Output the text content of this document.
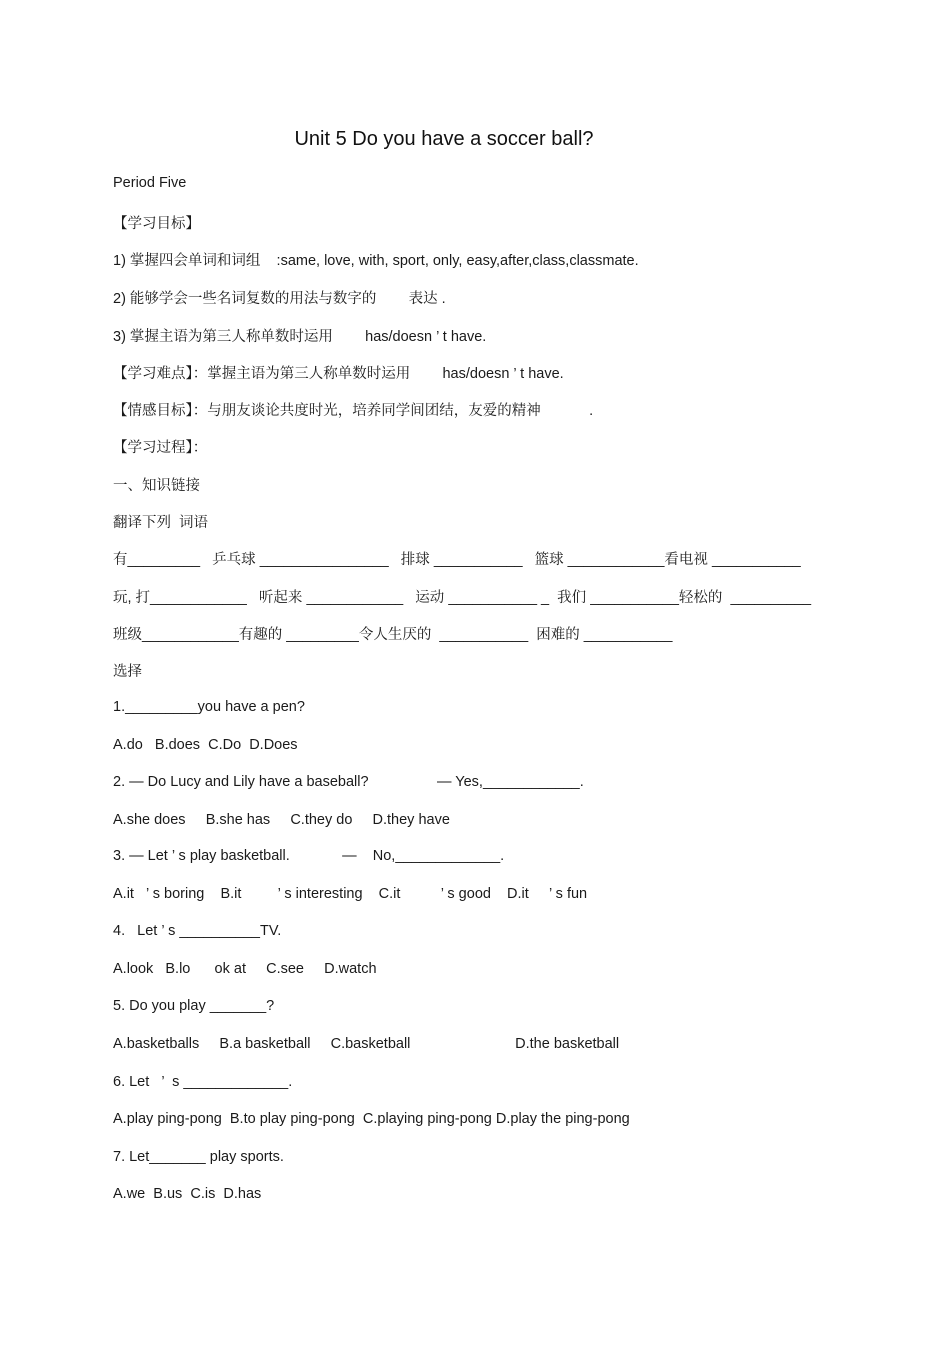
Unit 5 Do you have a soccer ball?
Period Five
【学习目标】
1) 掌握四会单词和词组    :same, love, with, sport, only, easy,after,class,classmate.
2) 能够学会一些名词复数的用法与数字的        表达 .
3) 掌握主语为第三人称单数时运用        has/doesn ’ t have.
【学习难点】：掌握主语为第三人称单数时运用        has/doesn ’ t have.
【情感目标】：与朋友谈论共度时光，培养同学间团结，友爱的精神            .
【学习过程】：
一、知识链接
翻译下列  词语
有_________   乒乓球 ________________   排球 ___________   篮球 ____________看电视 ___________
玩, 打____________   听起来 ____________   运动 ___________ _  我们 ___________轻松的  __________
班级____________有趣的 _________令人生厌的  ___________  困难的 ___________
选择
1._________you have a pen?
A.do   B.does  C.Do  D.Does
2. — Do Lucy and Lily have a baseball?                 — Yes,____________.
A.she does     B.she has     C.they do     D.they have
3. — Let ’ s play basketball.             —    No,_____________.
A.it   ’ s boring    B.it         ’ s interesting    C.it          ’ s good    D.it     ’ s fun
4.   Let ’ s __________TV.
A.look   B.lo      ok at     C.see     D.watch
5. Do you play _______?
A.basketballs     B.a basketball     C.basketball                          D.the basketball
6. Let   ’  s _____________.
A.play ping-pong  B.to play ping-pong  C.playing ping-pong D.play the ping-pong
7. Let_______ play sports.
A.we  B.us  C.is  D.has
